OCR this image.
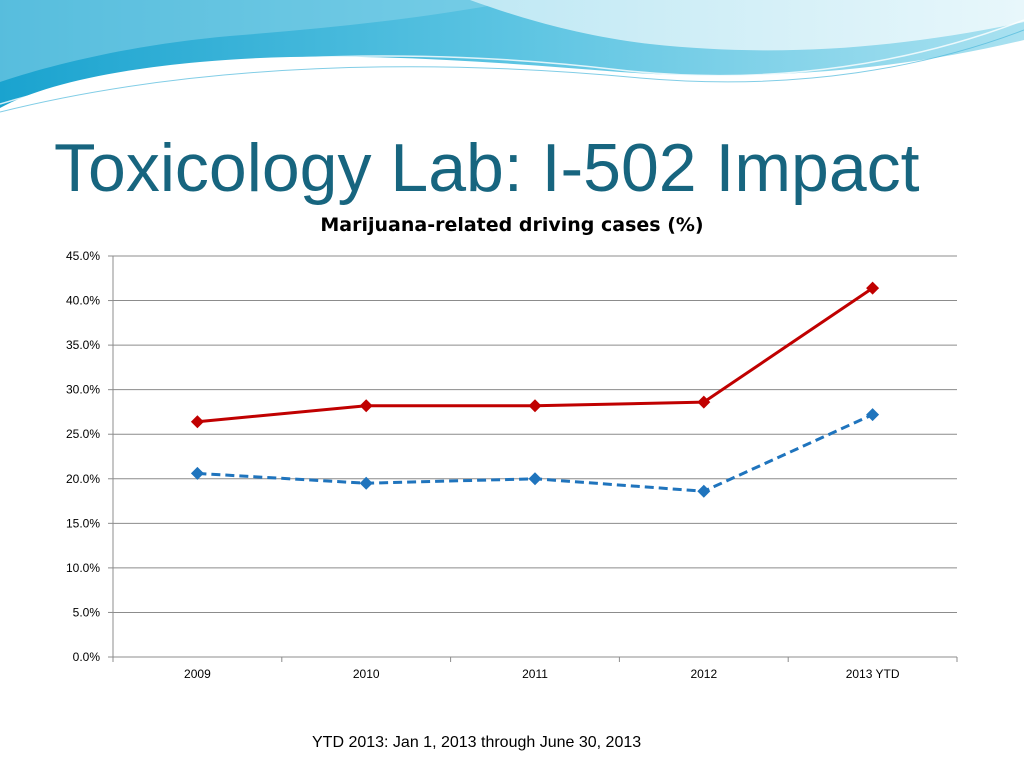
Toxicology Lab: I-502 Impact
Marijuana-related driving cases (%)
0.0%
5.0%
10.0%
15.0%
20.0%
25.0%
30.0%
35.0%
40.0%
45.0%
2009	2010	2011	2012	2013 YTD

YTD 2013: Jan 1, 2013 through June 30, 2013
